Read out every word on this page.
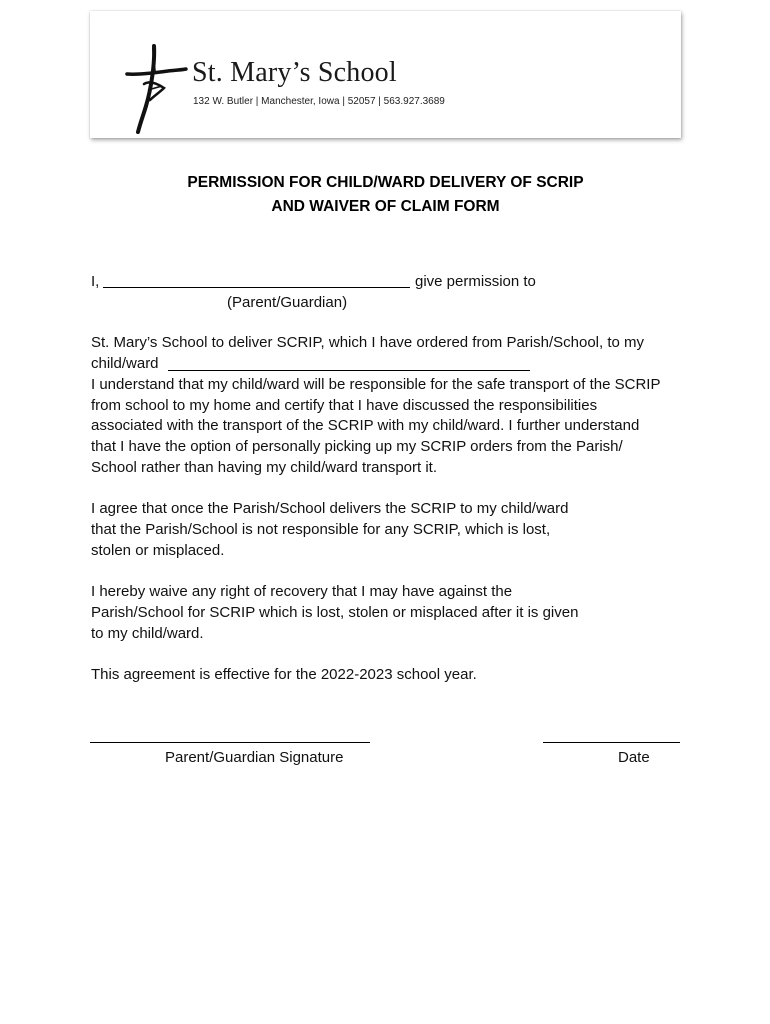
St. Mary’s School
132 W. Butler | Manchester, Iowa | 52057 | 563.927.3689
PERMISSION FOR CHILD/WARD DELIVERY OF SCRIP
AND WAIVER OF CLAIM FORM
I,	give permission to
(Parent/Guardian)
St. Mary’s School to deliver SCRIP, which I have ordered from Parish/School, to my
child/ward
I understand that my child/ward will be responsible for the safe transport of the SCRIP
from school to my home and certify that I have discussed the responsibilities
associated with the transport of the SCRIP with my child/ward. I further understand
that I have the option of personally picking up my SCRIP orders from the Parish/
School rather than having my child/ward transport it.
I agree that once the Parish/School delivers the SCRIP to my child/ward
that the Parish/School is not responsible for any SCRIP, which is lost,
stolen or misplaced.
I hereby waive any right of recovery that I may have against the
Parish/School for SCRIP which is lost, stolen or misplaced after it is given
to my child/ward.
This agreement is effective for the 2022-2023 school year.
Parent/Guardian Signature	Date
